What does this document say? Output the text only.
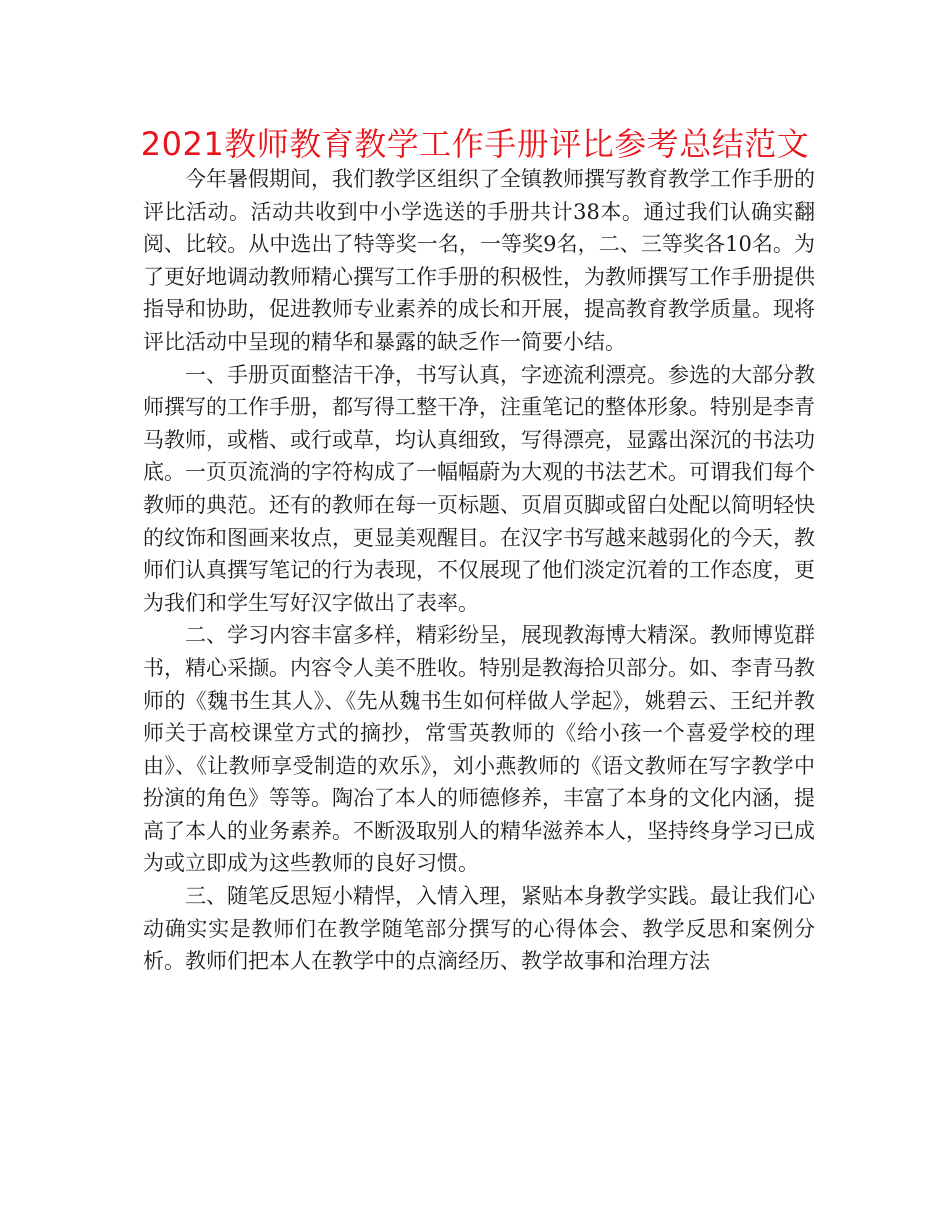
2021教师教育教学工作手册评比参考总结范文

今年暑假期间，我们教学区组织了全镇教师撰写教育教学工作手册的评比活动。活动共收到中小学选送的手册共计38本。通过我们认确实翻阅、比较。从中选出了特等奖一名，一等奖9名，二、三等奖各10名。为了更好地调动教师精心撰写工作手册的积极性，为教师撰写工作手册提供指导和协助，促进教师专业素养的成长和开展，提高教育教学质量。现将评比活动中呈现的精华和暴露的缺乏作一简要小结。

一、手册页面整洁干净，书写认真，字迹流利漂亮。参选的大部分教师撰写的工作手册，都写得工整干净，注重笔记的整体形象。特别是李青马教师，或楷、或行或草，均认真细致，写得漂亮，显露出深沉的书法功底。一页页流淌的字符构成了一幅幅蔚为大观的书法艺术。可谓我们每个教师的典范。还有的教师在每一页标题、页眉页脚或留白处配以简明轻快的纹饰和图画来妆点，更显美观醒目。在汉字书写越来越弱化的今天，教师们认真撰写笔记的行为表现，不仅展现了他们淡定沉着的工作态度，更为我们和学生写好汉字做出了表率。

二、学习内容丰富多样，精彩纷呈，展现教海博大精深。教师博览群书，精心采撷。内容令人美不胜收。特别是教海拾贝部分。如、李青马教师的《魏书生其人》、《先从魏书生如何样做人学起》，姚碧云、王纪并教师关于高校课堂方式的摘抄，常雪英教师的《给小孩一个喜爱学校的理由》、《让教师享受制造的欢乐》，刘小燕教师的《语文教师在写字教学中扮演的角色》等等。陶冶了本人的师德修养，丰富了本身的文化内涵，提高了本人的业务素养。不断汲取别人的精华滋养本人，坚持终身学习已成为或立即成为这些教师的良好习惯。

三、随笔反思短小精悍，入情入理，紧贴本身教学实践。最让我们心动确实实是教师们在教学随笔部分撰写的心得体会、教学反思和案例分析。教师们把本人在教学中的点滴经历、教学故事和治理方法
